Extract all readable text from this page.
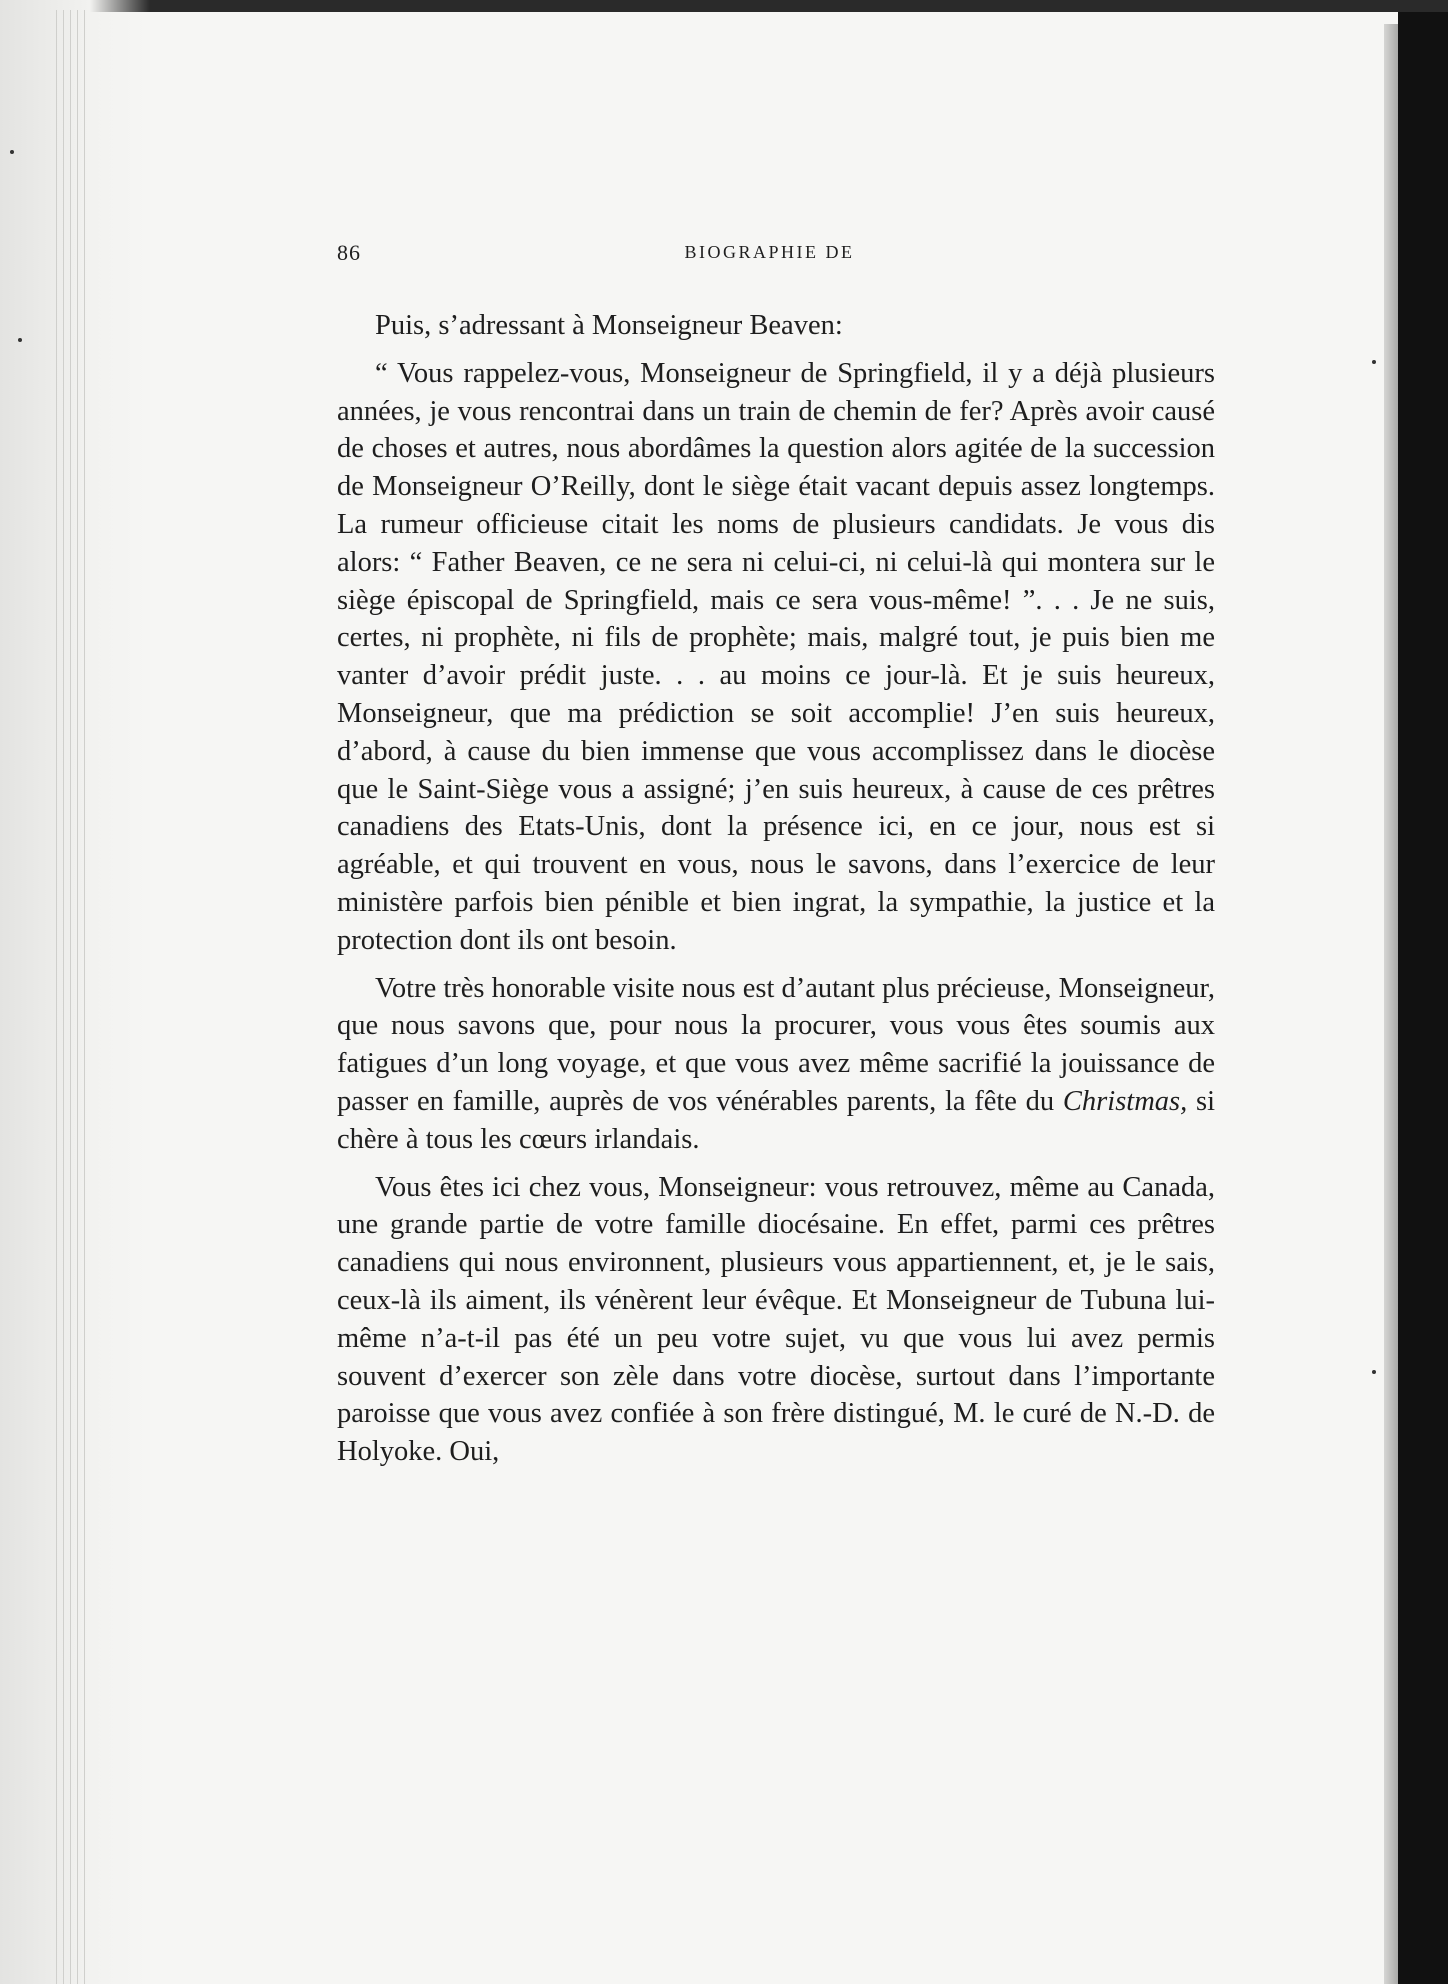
86	BIOGRAPHIE DE

Puis, s’adressant à Monseigneur Beaven:

“ Vous rappelez-vous, Monseigneur de Springfield, il y a déjà plusieurs années, je vous rencontrai dans un train de chemin de fer? Après avoir causé de choses et autres, nous abordâmes la question alors agitée de la succession de Monseigneur O’Reilly, dont le siège était vacant depuis assez longtemps. La rumeur officieuse citait les noms de plusieurs candidats. Je vous dis alors: “ Father Beaven, ce ne sera ni celui-ci, ni celui-là qui montera sur le siège épiscopal de Springfield, mais ce sera vous-même! ”. . . Je ne suis, certes, ni prophète, ni fils de prophète; mais, malgré tout, je puis bien me vanter d’avoir prédit juste. . . au moins ce jour-là. Et je suis heureux, Monseigneur, que ma prédiction se soit accomplie! J’en suis heureux, d’abord, à cause du bien immense que vous accomplissez dans le diocèse que le Saint-Siège vous a assigné; j’en suis heureux, à cause de ces prêtres canadiens des Etats-Unis, dont la présence ici, en ce jour, nous est si agréable, et qui trouvent en vous, nous le savons, dans l’exercice de leur ministère parfois bien pénible et bien ingrat, la sympathie, la justice et la protection dont ils ont besoin.

Votre très honorable visite nous est d’autant plus précieuse, Monseigneur, que nous savons que, pour nous la procurer, vous vous êtes soumis aux fatigues d’un long voyage, et que vous avez même sacrifié la jouissance de passer en famille, auprès de vos vénérables parents, la fête du Christmas, si chère à tous les cœurs irlandais.

Vous êtes ici chez vous, Monseigneur: vous retrouvez, même au Canada, une grande partie de votre famille diocésaine. En effet, parmi ces prêtres canadiens qui nous environnent, plusieurs vous appartiennent, et, je le sais, ceux-là ils aiment, ils vénèrent leur évêque. Et Monseigneur de Tubuna lui-même n’a-t-il pas été un peu votre sujet, vu que vous lui avez permis souvent d’exercer son zèle dans votre diocèse, surtout dans l’importante paroisse que vous avez confiée à son frère distingué, M. le curé de N.-D. de Holyoke. Oui,
